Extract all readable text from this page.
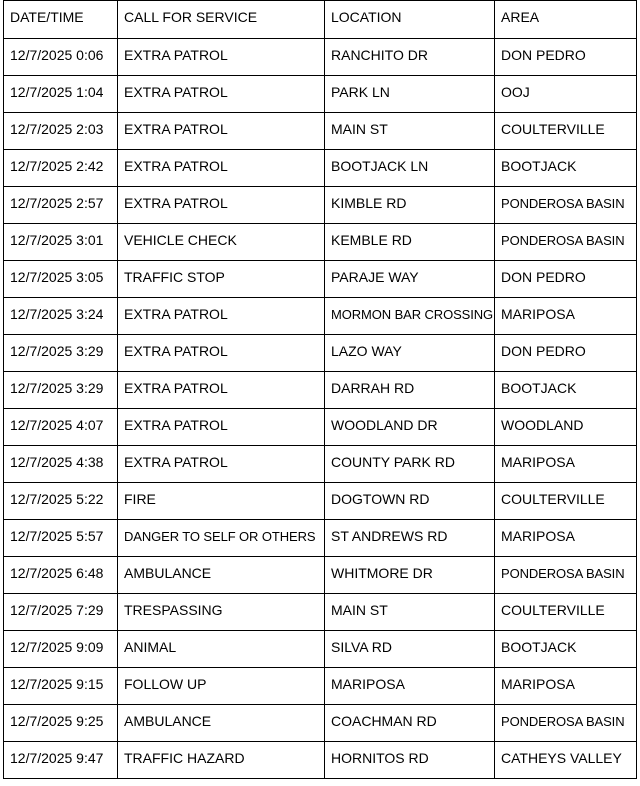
DATE/TIME	CALL FOR SERVICE	LOCATION	AREA

12/7/2025 0:06	EXTRA PATROL	RANCHITO DR	DON PEDRO

12/7/2025 1:04	EXTRA PATROL	PARK LN	OOJ

12/7/2025 2:03	EXTRA PATROL	MAIN ST	COULTERVILLE

12/7/2025 2:42	EXTRA PATROL	BOOTJACK LN	BOOTJACK

12/7/2025 2:57	EXTRA PATROL	KIMBLE RD	PONDEROSA BASIN

12/7/2025 3:01	VEHICLE CHECK	KEMBLE RD	PONDEROSA BASIN

12/7/2025 3:05	TRAFFIC STOP	PARAJE WAY	DON PEDRO

12/7/2025 3:24	EXTRA PATROL	MORMON BAR CROSSING	MARIPOSA

12/7/2025 3:29	EXTRA PATROL	LAZO WAY	DON PEDRO

12/7/2025 3:29	EXTRA PATROL	DARRAH RD	BOOTJACK

12/7/2025 4:07	EXTRA PATROL	WOODLAND DR	WOODLAND

12/7/2025 4:38	EXTRA PATROL	COUNTY PARK RD	MARIPOSA

12/7/2025 5:22	FIRE	DOGTOWN RD	COULTERVILLE

12/7/2025 5:57	DANGER TO SELF OR OTHERS	ST ANDREWS RD	MARIPOSA

12/7/2025 6:48	AMBULANCE	WHITMORE DR	PONDEROSA BASIN

12/7/2025 7:29	TRESPASSING	MAIN ST	COULTERVILLE

12/7/2025 9:09	ANIMAL	SILVA RD	BOOTJACK

12/7/2025 9:15	FOLLOW UP	MARIPOSA	MARIPOSA

12/7/2025 9:25	AMBULANCE	COACHMAN RD	PONDEROSA BASIN

12/7/2025 9:47	TRAFFIC HAZARD	HORNITOS RD	CATHEYS VALLEY
